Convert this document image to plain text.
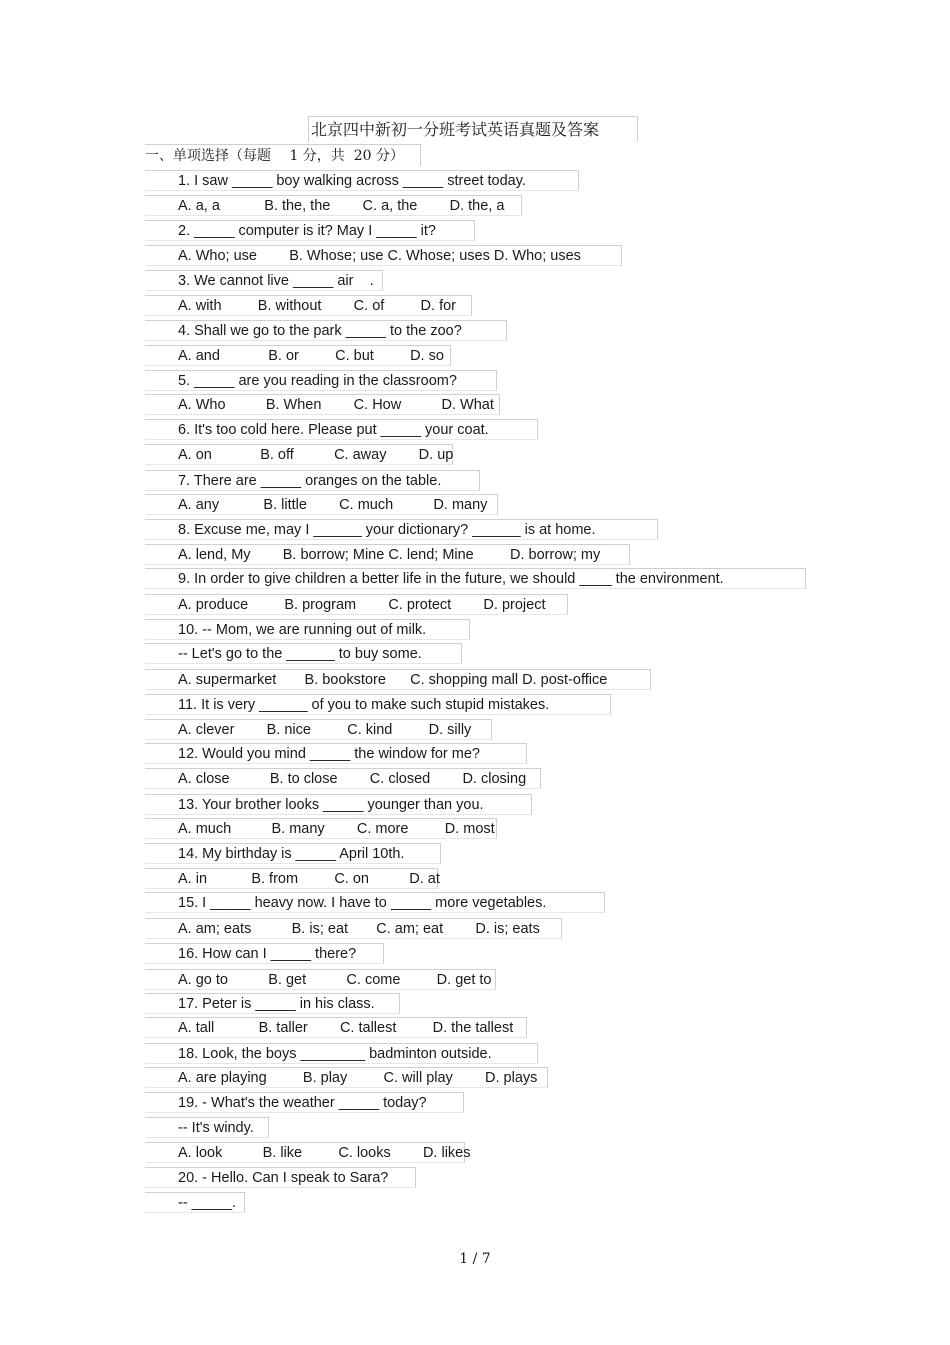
北京四中新初一分班考试英语真题及答案
一、单项选择（每题　 1 分，共  20 分）
1. I saw _____ boy walking across _____ street today.
A. a, a           B. the, the        C. a, the        D. the, a
2. _____ computer is it? May I _____ it?
A. Who; use        B. Whose; use C. Whose; uses D. Who; uses
3. We cannot live _____ air    .
A. with         B. without        C. of         D. for
4. Shall we go to the park _____ to the zoo?
A. and            B. or         C. but         D. so
5. _____ are you reading in the classroom?
A. Who          B. When        C. How          D. What
6. It's too cold here. Please put _____ your coat.
A. on            B. off          C. away        D. up
7. There are _____ oranges on the table.
A. any           B. little        C. much          D. many
8. Excuse me, may I ______ your dictionary? ______ is at home.
A. lend, My        B. borrow; Mine C. lend; Mine         D. borrow; my
9. In order to give children a better life in the future, we should ____ the environment.
A. produce         B. program        C. protect        D. project
10. -- Mom, we are running out of milk.
-- Let's go to the ______ to buy some.
A. supermarket       B. bookstore      C. shopping mall D. post-office
11. It is very ______ of you to make such stupid mistakes.
A. clever        B. nice         C. kind         D. silly
12. Would you mind _____ the window for me?
A. close          B. to close        C. closed        D. closing
13. Your brother looks _____ younger than you.
A. much          B. many        C. more         D. most
14. My birthday is _____ April 10th.
A. in           B. from         C. on          D. at
15. I _____ heavy now. I have to _____ more vegetables.
A. am; eats          B. is; eat       C. am; eat        D. is; eats
16. How can I _____ there?
A. go to          B. get          C. come         D. get to
17. Peter is _____ in his class.
A. tall           B. taller        C. tallest         D. the tallest
18. Look, the boys ________ badminton outside.
A. are playing         B. play         C. will play        D. plays
19. - What's the weather _____ today?
-- It's windy.
A. look          B. like         C. looks        D. likes
20. - Hello. Can I speak to Sara?
-- _____.
1 / 7
